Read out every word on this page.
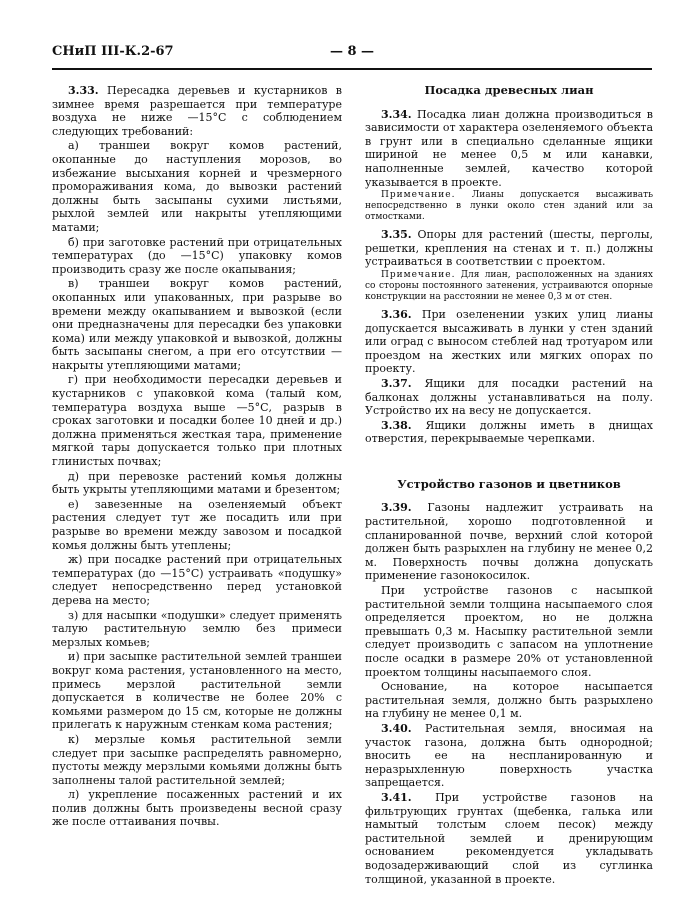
СНиП III-К.2-67	— 8 —

3.33. Пересадка деревьев и кустарников в зимнее время разрешается при температуре воздуха не ниже —15°С с соблюдением следующих требований:

а) траншеи вокруг комов растений, окопанные до наступления морозов, во избежание высыхания корней и чрезмерного промораживания кома, до вывозки растений должны быть засыпаны сухими листьями, рыхлой землей или накрыты утепляющими матами;

б) при заготовке растений при отрицательных температурах (до —15°С) упаковку комов производить сразу же после окапывания;

в) траншеи вокруг комов растений, окопанных или упакованных, при разрыве во времени между окапыванием и вывозкой (если они предназначены для пересадки без упаковки кома) или между упаковкой и вывозкой, должны быть засыпаны снегом, а при его отсутствии — накрыты утепляющими матами;

г) при необходимости пересадки деревьев и кустарников с упаковкой кома (талый ком, температура воздуха выше —5°С, разрыв в сроках заготовки и посадки более 10 дней и др.) должна применяться жесткая тара, применение мягкой тары допускается только при плотных глинистых почвах;

д) при перевозке растений комья должны быть укрыты утепляющими матами и брезентом;

е) завезенные на озеленяемый объект растения следует тут же посадить или при разрыве во времени между завозом и посадкой комья должны быть утеплены;

ж) при посадке растений при отрицательных температурах (до —15°С) устраивать «подушку» следует непосредственно перед установкой дерева на место;

з) для насыпки «подушки» следует применять талую растительную землю без примеси мерзлых комьев;

и) при засыпке растительной землей траншеи вокруг кома растения, установленного на место, примесь мерзлой растительной земли допускается в количестве не более 20% с комьями размером до 15 см, которые не должны прилегать к наружным стенкам кома растения;

к) мерзлые комья растительной земли следует при засыпке распределять равномерно, пустоты между мерзлыми комьями должны быть заполнены талой растительной землей;

л) укрепление посаженных растений и их полив должны быть произведены весной сразу же после оттаивания почвы.

Посадка древесных лиан

3.34. Посадка лиан должна производиться в зависимости от характера озеленяемого объекта в грунт или в специально сделанные ящики шириной не менее 0,5 м или канавки, наполненные землей, качество которой указывается в проекте.

Примечание. Лианы допускается высаживать непосредственно в лунки около стен зданий или за отмостками.

3.35. Опоры для растений (шесты, перголы, решетки, крепления на стенах и т. п.) должны устраиваться в соответствии с проектом.

Примечание. Для лиан, расположенных на зданиях со стороны постоянного затенения, устраиваются опорные конструкции на расстоянии не менее 0,3 м от стен.

3.36. При озеленении узких улиц лианы допускается высаживать в лунки у стен зданий или оград с выносом стеблей над тротуаром или проездом на жестких или мягких опорах по проекту.

3.37. Ящики для посадки растений на балконах должны устанавливаться на полу. Устройство их на весу не допускается.

3.38. Ящики должны иметь в днищах отверстия, перекрываемые черепками.

Устройство газонов и цветников

3.39. Газоны надлежит устраивать на растительной, хорошо подготовленной и спланированной почве, верхний слой которой должен быть разрыхлен на глубину не менее 0,2 м. Поверхность почвы должна допускать применение газонокосилок.

При устройстве газонов с насыпкой растительной земли толщина насыпаемого слоя определяется проектом, но не должна превышать 0,3 м. Насыпку растительной земли следует производить с запасом на уплотнение после осадки в размере 20% от установленной проектом толщины насыпаемого слоя.

Основание, на которое насыпается растительная земля, должно быть разрыхлено на глубину не менее 0,1 м.

3.40. Растительная земля, вносимая на участок газона, должна быть однородной; вносить ее на неспланированную и неразрыхленную поверхность участка запрещается.

3.41. При устройстве газонов на фильтрующих грунтах (щебенка, галька или намытый толстым слоем песок) между растительной землей и дренирующим основанием рекомендуется укладывать водозадерживающий слой из суглинка толщиной, указанной в проекте.
